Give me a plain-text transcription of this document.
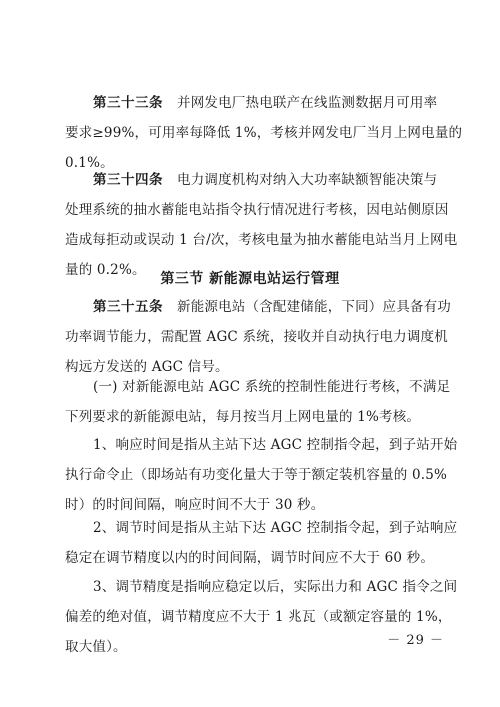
第三十三条 并网发电厂热电联产在线监测数据月可用率
要求≥99%，可用率每降低 1%，考核并网发电厂当月上网电量的
0.1%。
第三十四条 电力调度机构对纳入大功率缺额智能决策与
处理系统的抽水蓄能电站指令执行情况进行考核，因电站侧原因
造成每拒动或误动 1 台/次，考核电量为抽水蓄能电站当月上网电
量的 0.2%。
第三节 新能源电站运行管理
第三十五条 新能源电站（含配建储能，下同）应具备有功
功率调节能力，需配置 AGC 系统，接收并自动执行电力调度机
构远方发送的 AGC 信号。
(一) 对新能源电站 AGC 系统的控制性能进行考核，不满足
下列要求的新能源电站，每月按当月上网电量的 1%考核。
1、响应时间是指从主站下达 AGC 控制指令起，到子站开始
执行命令止（即场站有功变化量大于等于额定装机容量的 0.5%
时）的时间间隔，响应时间不大于 30 秒。
2、调节时间是指从主站下达 AGC 控制指令起，到子站响应
稳定在调节精度以内的时间间隔，调节时间应不大于 60 秒。
3、调节精度是指响应稳定以后，实际出力和 AGC 指令之间
偏差的绝对值，调节精度应不大于 1 兆瓦（或额定容量的 1%，
取大值）。	－ 29 －
